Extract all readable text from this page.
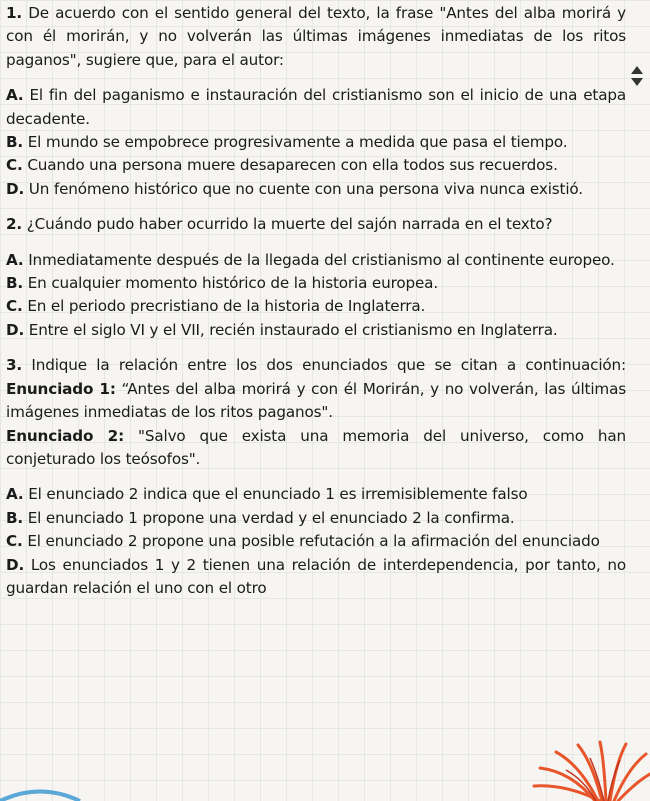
1. De acuerdo con el sentido general del texto, la frase "Antes del alba morirá y con él morirán, y no volverán las últimas imágenes inmediatas de los ritos paganos", sugiere que, para el autor:

A. El fin del paganismo e instauración del cristianismo son el inicio de una etapa decadente.

B. El mundo se empobrece progresivamente a medida que pasa el tiempo.

C. Cuando una persona muere desaparecen con ella todos sus recuerdos.

D. Un fenómeno histórico que no cuente con una persona viva nunca existió.

2. ¿Cuándo pudo haber ocurrido la muerte del sajón narrada en el texto?

A. Inmediatamente después de la llegada del cristianismo al continente europeo.

B. En cualquier momento histórico de la historia europea.

C. En el periodo precristiano de la historia de Inglaterra.

D. Entre el siglo VI y el VII, recién instaurado el cristianismo en Inglaterra.

3. Indique la relación entre los dos enunciados que se citan a continuación: Enunciado 1: “Antes del alba morirá y con él Morirán, y no volverán, las últimas imágenes inmediatas de los ritos paganos".

Enunciado 2: "Salvo que exista una memoria del universo, como han conjeturado los teósofos".

A. El enunciado 2 indica que el enunciado 1 es irremisiblemente falso

B. El enunciado 1 propone una verdad y el enunciado 2 la confirma.

C. El enunciado 2 propone una posible refutación a la afirmación del enunciado

D. Los enunciados 1 y 2 tienen una relación de interdependencia, por tanto, no guardan relación el uno con el otro
